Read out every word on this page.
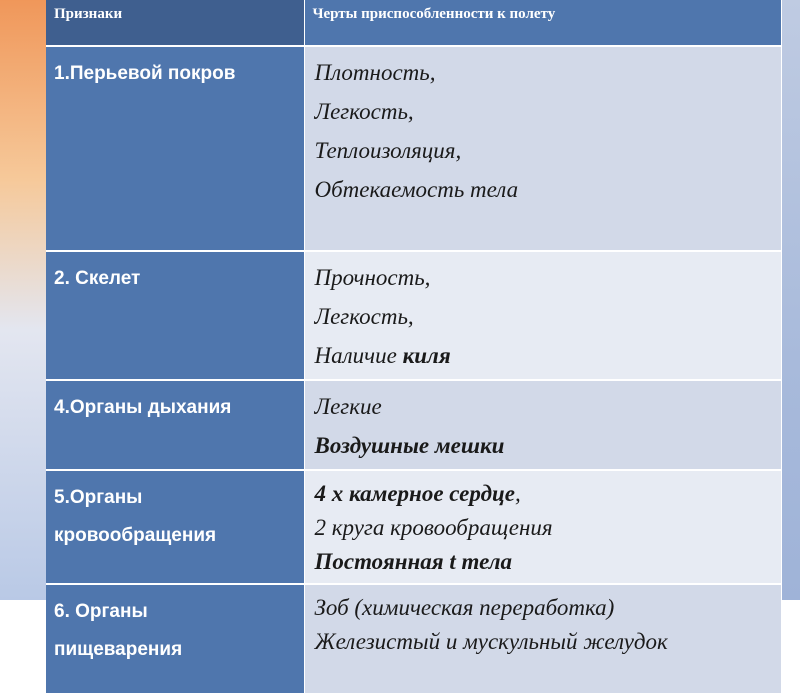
Признаки	Черты приспособленности к полету

1.Перьевой покров	Плотность,
Легкость,
Теплоизоляция,
Обтекаемость тела

2. Скелет	Прочность,
Легкость,
Наличие киля

4.Органы дыхания	Легкие
Воздушные мешки

5.Органы
кровообращения	4 х камерное сердце,
2 круга кровообращения
Постоянная t тела

6. Органы
пищеварения	Зоб (химическая переработка)
Железистый и мускульный желудок
